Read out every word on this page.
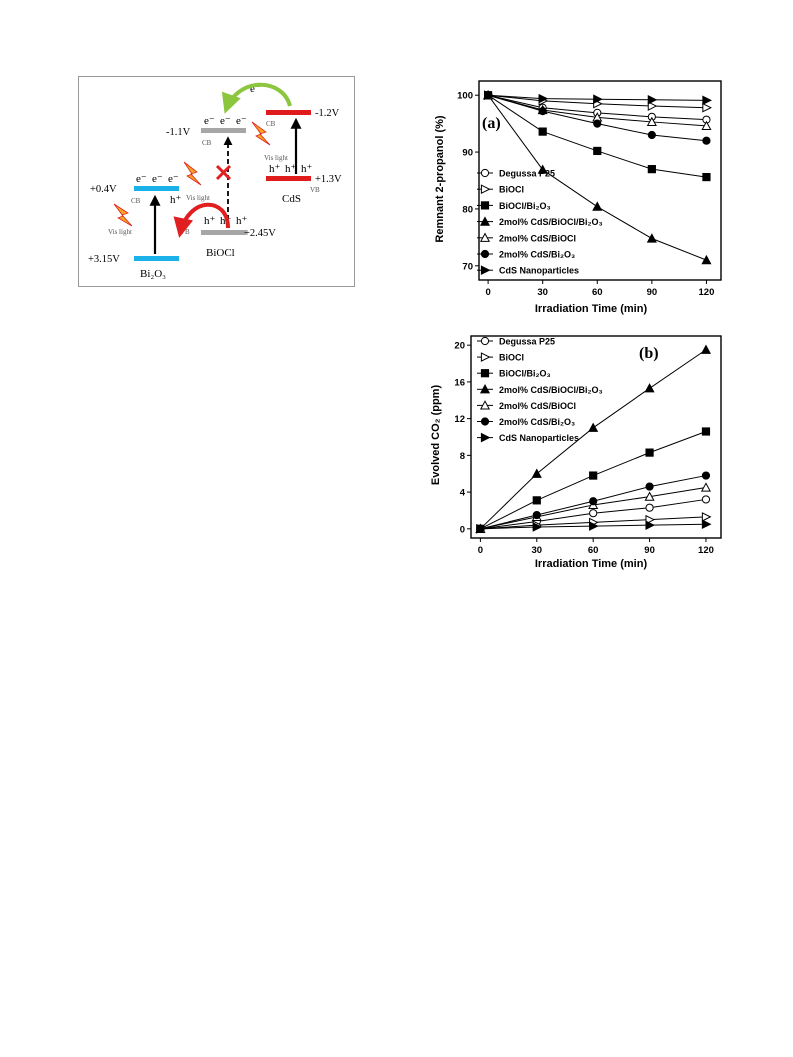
+0.4V
+3.15V
e⁻ e⁻ e⁻
CB	h⁺
Vis light
Bi₂O₃
-1.1V
+2.45V
e⁻ e⁻ e⁻
CB
h⁺ h⁺ h⁺
VB
Vis light
BiOCl
-1.2V
+1.3V
CB
h⁺ h⁺ h⁺
VB
Vis light
CdS
e⁻
0	30	60	90	120
70
80
90
100
Degussa P25
BiOCl
BiOCl/Bi₂O₃
2mol% CdS/BiOCl/Bi₂O₃
2mol% CdS/BiOCl
2mol% CdS/Bi₂O₃
CdS Nanoparticles
(a)
Irradiation Time (min)
Remnant 2-propanol (%)
0	30	60	90	120
0
4
8
12
16
20	Degussa P25
BiOCl
BiOCl/Bi₂O₃
2mol% CdS/BiOCl/Bi₂O₃
2mol% CdS/BiOCl
2mol% CdS/Bi₂O₃
CdS Nanoparticles
(b)
Irradiation Time (min)
Evolved CO₂ (ppm)
